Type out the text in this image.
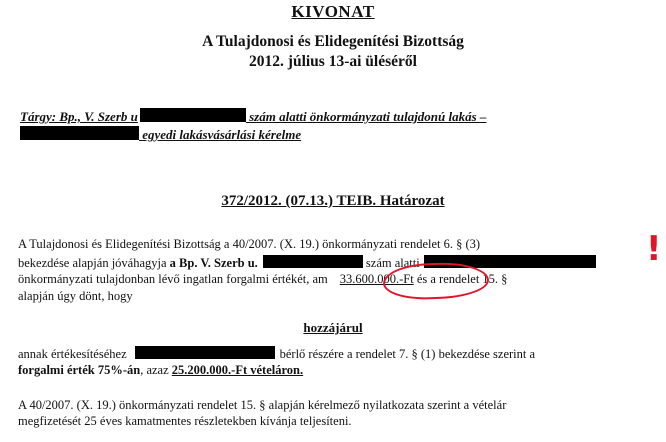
KIVONAT
A Tulajdonosi és Elidegenítési Bizottság
2012. július 13-ai üléséről
Tárgy: Bp., V. Szerb u	szám alatti önkormányzati tulajdonú lakás –
egyedi lakásvásárlási kérelme
372/2012. (07.13.) TEIB. Határozat
A Tulajdonosi és Elidegenítési Bizottság a 40/2007. (X. 19.) önkormányzati rendelet 6. § (3)
bekezdése alapján jóváhagyja a Bp. V. Szerb u.	szám alatti
önkormányzati tulajdonban lévő ingatlan forgalmi értékét, am 33.600.000.-Ft és a rendelet 15. §
alapján úgy dönt, hogy
!
hozzájárul
annak értékesítéséhez	bérlő részére a rendelet 7. § (1) bekezdése szerint a
forgalmi érték 75%-án, azaz 25.200.000.-Ft vételáron.
A 40/2007. (X. 19.) önkormányzati rendelet 15. § alapján kérelmező nyilatkozata szerint a vételár
megfizetését 25 éves kamatmentes részletekben kívánja teljesíteni.
